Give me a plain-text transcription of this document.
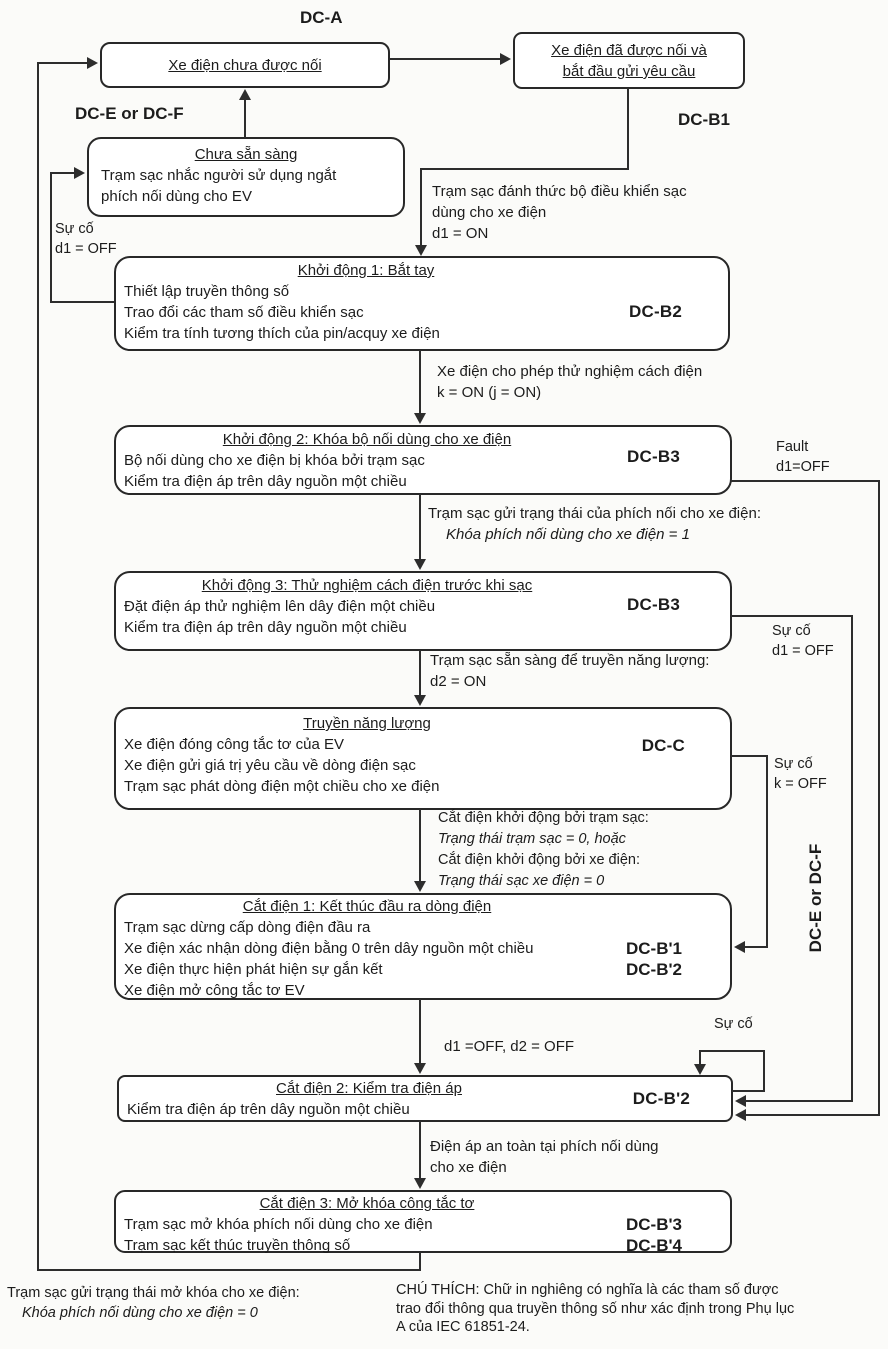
DC-A
DC-E or DC-F	DC-B1
DC-E or DC-F
Sự cố
d1 = OFF
Fault
d1=OFF
Sự cố
d1 = OFF
Sự cố
k = OFF
Sự cố
Xe điện chưa được nối
Xe điện đã được nối và
bắt đầu gửi yêu cầu
Chưa sẵn sàng
Trạm sạc nhắc người sử dụng ngắt
phích nối dùng cho EV
Khởi động 1: Bắt tay
Thiết lập truyền thông số
Trao đổi các tham số điều khiển sạc
Kiểm tra tính tương thích của pin/acquy xe điện
DC-B2
Khởi động 2: Khóa bộ nối dùng cho xe điện
Bộ nối dùng cho xe điện bị khóa bởi trạm sạc
Kiểm tra điện áp trên dây nguồn một chiều
DC-B3
Khởi động 3: Thử nghiệm cách điện trước khi sạc
Đặt điện áp thử nghiệm lên dây điện một chiều
Kiểm tra điện áp trên dây nguồn một chiều
DC-B3
Truyền năng lượng
Xe điện đóng công tắc tơ của EV
Xe điện gửi giá trị yêu cầu về dòng điện sạc
Trạm sạc phát dòng điện một chiều cho xe điện
DC-C
Cắt điện 1: Kết thúc đầu ra dòng điện
Trạm sạc dừng cấp dòng điện đầu ra
Xe điện xác nhận dòng điện bằng 0 trên dây nguồn một chiều	DC-B'1
Xe điện thực hiện phát hiện sự gắn kết	DC-B'2
Xe điện mở công tắc tơ EV
Cắt điện 2: Kiểm tra điện áp
Kiểm tra điện áp trên dây nguồn một chiều
DC-B'2
Cắt điện 3: Mở khóa công tắc tơ
Trạm sạc mở khóa phích nối dùng cho xe điện	DC-B'3
Trạm sạc kết thúc truyền thông số	DC-B'4
Trạm sạc đánh thức bộ điều khiển sạc
dùng cho xe điện
d1 = ON
Xe điện cho phép thử nghiệm cách điện
k = ON (j = ON)
Trạm sạc gửi trạng thái của phích nối cho xe điện:
Khóa phích nối dùng cho xe điện = 1
Trạm sạc sẵn sàng để truyền năng lượng:
d2 = ON
Cắt điện khởi động bởi trạm sạc:
Trạng thái trạm sạc = 0, hoặc
Cắt điện khởi động bởi xe điện:
Trạng thái sạc xe điện = 0
d1 =OFF, d2 = OFF
Điện áp an toàn tại phích nối dùng
cho xe điện
Trạm sạc gửi trạng thái mở khóa cho xe điện:
Khóa phích nối dùng cho xe điện = 0
CHÚ THÍCH: Chữ in nghiêng có nghĩa là các tham số được
trao đổi thông qua truyền thông số như xác định trong Phụ lục
A của IEC 61851-24.
